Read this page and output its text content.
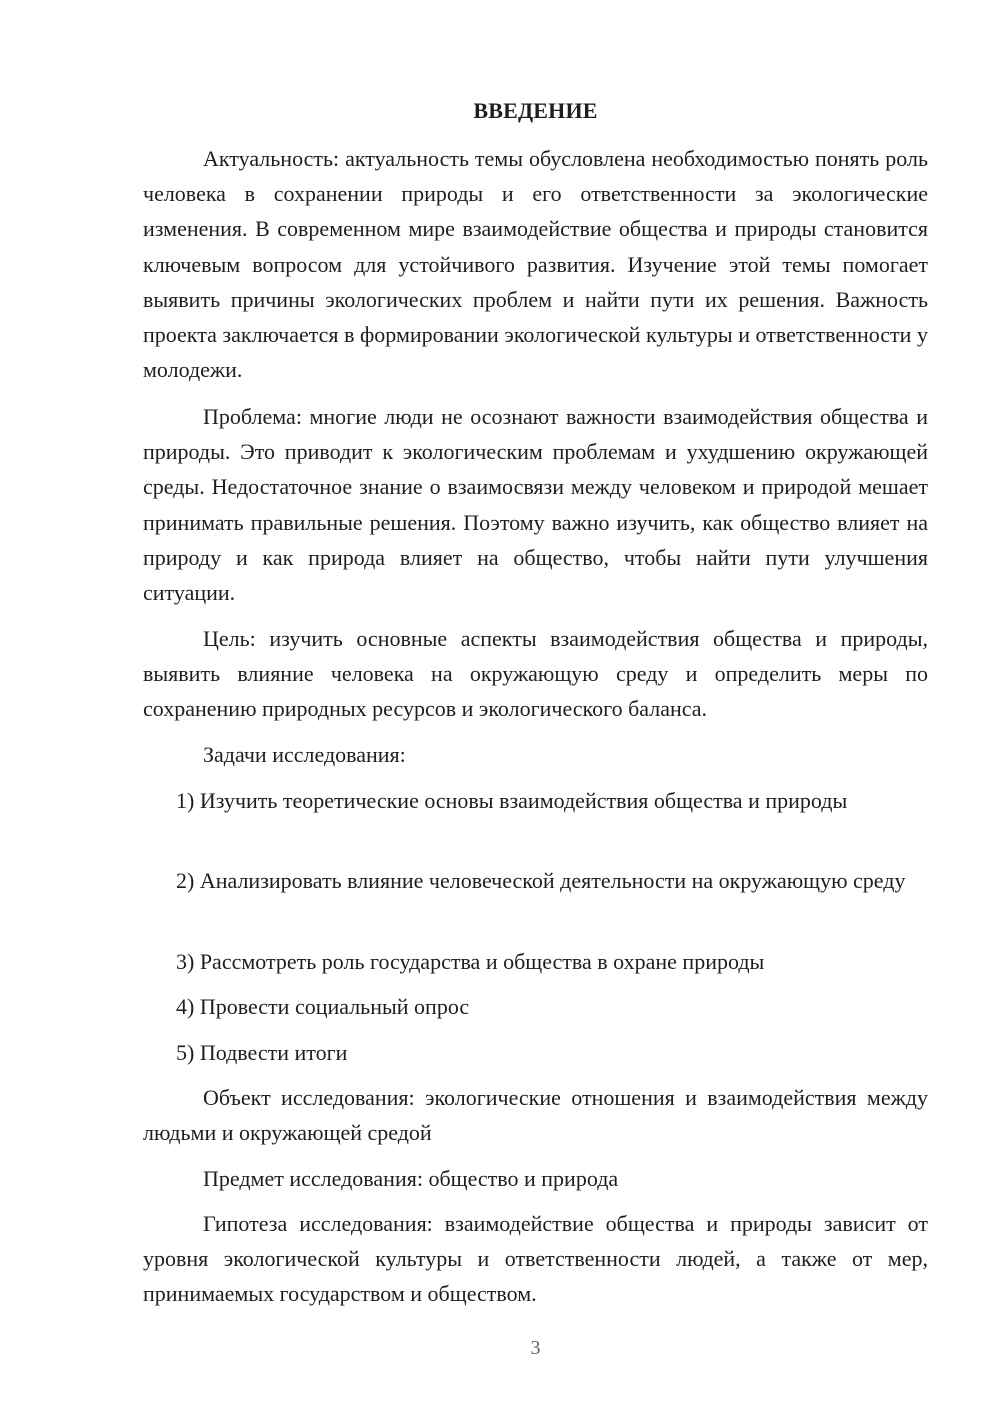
ВВЕДЕНИЕ

Актуальность: актуальность темы обусловлена необходимостью понять роль человека в сохранении природы и его ответственности за экологические изменения. В современном мире взаимодействие общества и природы становится ключевым вопросом для устойчивого развития. Изучение этой темы помогает выявить причины экологических проблем и найти пути их решения. Важность проекта заключается в формировании экологической культуры и ответственности у молодежи.

Проблема: многие люди не осознают важности взаимодействия общества и природы. Это приводит к экологическим проблемам и ухудшению окружающей среды. Недостаточное знание о взаимосвязи между человеком и природой мешает принимать правильные решения. Поэтому важно изучить, как общество влияет на природу и как природа влияет на общество, чтобы найти пути улучшения ситуации.

Цель: изучить основные аспекты взаимодействия общества и природы, выявить влияние человека на окружающую среду и определить меры по сохранению природных ресурсов и экологического баланса.

Задачи исследования:

1) Изучить теоретические основы взаимодействия общества и природы

2) Анализировать влияние человеческой деятельности на окружающую среду

3) Рассмотреть роль государства и общества в охране природы

4) Провести социальный опрос

5) Подвести итоги

Объект исследования: экологические отношения и взаимодействия между людьми и окружающей средой

Предмет исследования: общество и природа

Гипотеза исследования: взаимодействие общества и природы зависит от уровня экологической культуры и ответственности людей, а также от мер, принимаемых государством и обществом.

3
